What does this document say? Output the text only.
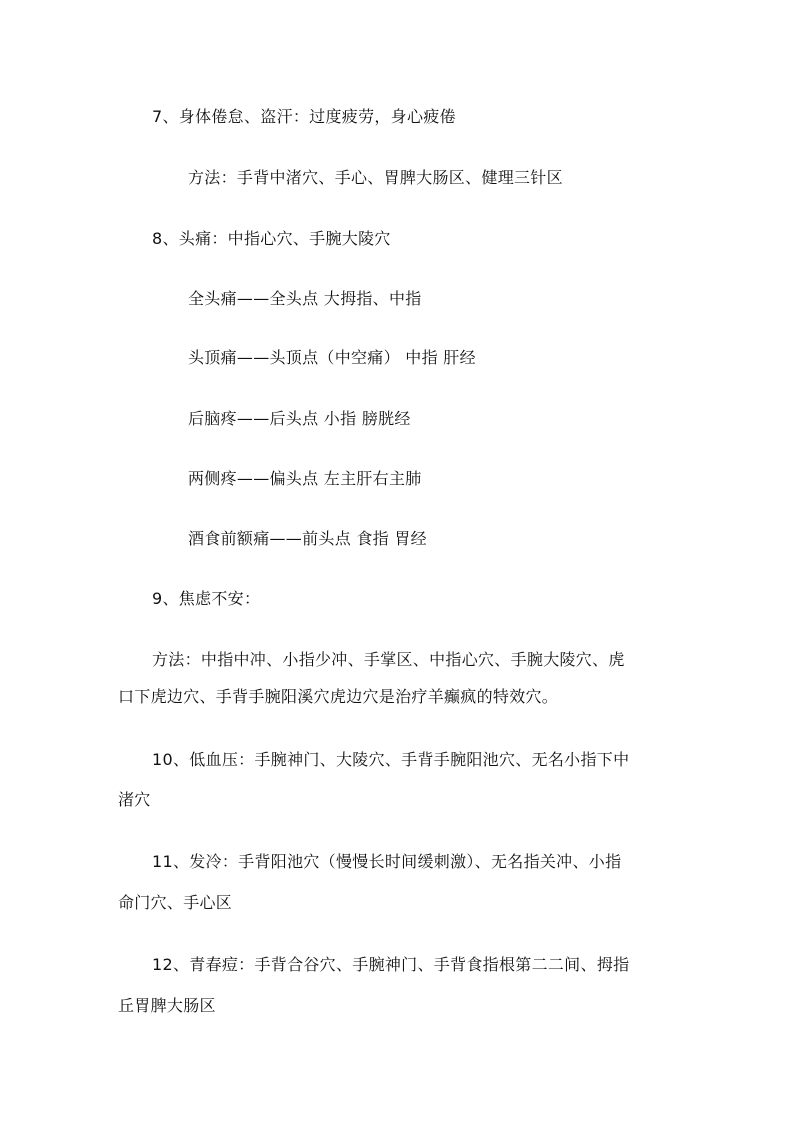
7、身体倦怠、盗汗：过度疲劳，身心疲倦
方法：手背中渚穴、手心、胃脾大肠区、健理三针区
8、头痛：中指心穴、手腕大陵穴
全头痛——全头点 大拇指、中指
头顶痛——头顶点（中空痛） 中指 肝经
后脑疼——后头点 小指 膀胱经
两侧疼——偏头点 左主肝右主肺
酒食前额痛——前头点 食指 胃经
9、焦虑不安：
方法：中指中冲、小指少冲、手掌区、中指心穴、手腕大陵穴、虎
口下虎边穴、手背手腕阳溪穴虎边穴是治疗羊癫疯的特效穴。
10、低血压：手腕神门、大陵穴、手背手腕阳池穴、无名小指下中
渚穴
11、发冷：手背阳池穴（慢慢长时间缓刺激）、无名指关冲、小指
命门穴、手心区
12、青春痘：手背合谷穴、手腕神门、手背食指根第二二间、拇指
丘胃脾大肠区
